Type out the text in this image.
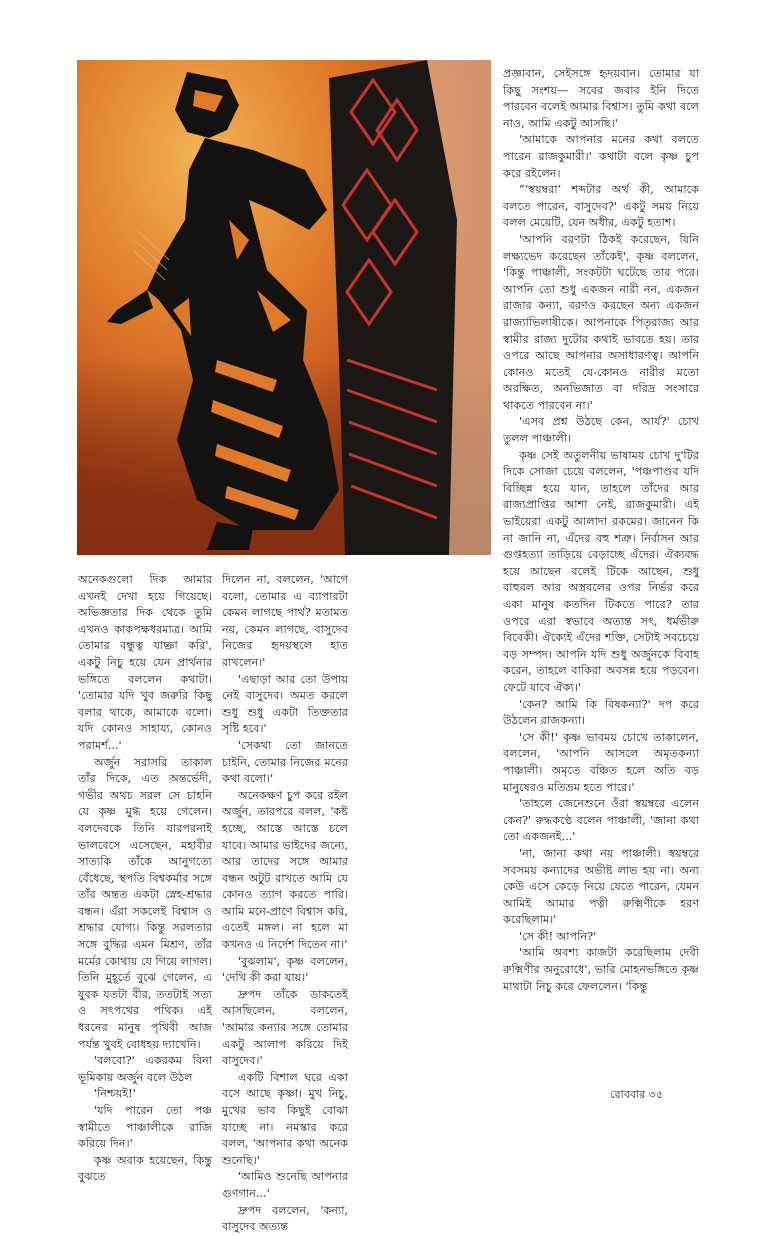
অনেকগুলো দিক আমার এখনই দেখা হয়ে গিয়েছে। অভিজ্ঞতার দিক থেকে তুমি এখনও কাকপক্ষধরমাত্র। আমি তোমার বন্ধুত্ব যাচ্ঞা করি', একটু নিচু হয়ে যেন প্রার্থনার ভঙ্গিতে বললেন কথাটা। 'তোমার যদি খুব জরুরি কিছু বলার থাকে, আমাকে বলো। যদি কোনও সাহায্য, কোনও পরামর্শ...'

অর্জুন সরাসরি তাকাল তাঁর দিকে, এত অন্তর্ভেদী, গভীর অথচ সরল সে চাহনি যে কৃষ্ণ মুগ্ধ হয়ে গেলেন। বলদেবকে তিনি যারপরনাই ভালবেসে এসেছেন, মহাবীর সাত্যকি তাঁকে আনুগত্যে বেঁধেছে, স্থপতি বিশ্বকর্মার সঙ্গে তাঁর অন্তত একটা স্নেহ-শ্রদ্ধার বন্ধন। এঁরা সকলেই বিশ্বাস ও শ্রদ্ধার যোগ্য। কিন্তু সরলতার সঙ্গে বুদ্ধির এমন মিশ্রণ, তাঁর মর্মের কোথায় যে গিয়ে লাগল। তিনি মুহূর্তে বুঝে গেলেন, এ যুবক যতটা বীর, ততটাই সত্য ও সৎপথের পথিক। এই ধরনের মানুষ পৃথিবী আজ পর্যন্ত খুবই বোধহয় দ্যাখেনি।

'বলবো?' একরকম বিনা ভূমিকায় অর্জুন বলে উঠল

'নিশ্চয়ই!'

'যদি পারেন তো পঞ্চ স্বামীতে পাঞ্চালীকে রাজি করিয়ে দিন।'

কৃষ্ণ অবাক হয়েছেন, কিন্তু বুঝতে

দিলেন না, বললেন, 'আগে বলো, তোমার এ ব্যাপারটা কেমন লাগছে পার্থ? মতামত নয়, কেমন লাগছে, বাসুদেব নিজের হৃদয়স্থলে হাত রাখলেন।'

'এছাড়া আর তো উপায় নেই বাসুদেব। অমত করলে শুধু শুধু একটা তিক্ততার সৃষ্টি হবে।'

'সেকথা তো জানতে চাইনি, তোমার নিজের মনের কথা বলো।'

অনেকক্ষণ চুপ করে রইল অর্জুন, তারপরে বলল, 'কষ্ট হচ্ছে, আস্তে আস্তে চলে যাবে। আমার ভাইদের জন্যে, আর তাদের সঙ্গে আমার বন্ধন অটুট রাখতে আমি যে কোনও ত্যাগ করতে পারি। আমি মনে-প্রাণে বিশ্বাস করি, এতেই মঙ্গল। না হলে মা কখনও এ নির্দেশ দিতেন না।'

'বুঝলাম', কৃষ্ণ বললেন, 'দেখি কী করা যায়।'

দ্রুপদ তাঁকে ডাকতেই আসছিলেন, বললেন, 'আমার কন্যার সঙ্গে তোমার একটু আলাপ করিয়ে দিই বাসুদেব।'

একটি বিশাল ঘরে একা বসে আছে কৃষ্ণা। মুখ নিচু, মুখের ভাব কিছুই বোঝা যাচ্ছে না। নমস্কার করে বলল, 'আপনার কথা অনেক শুনেছি।'

'আমিও শুনেছি আপনার গুণগান...'

দ্রুপদ বললেন, 'কন্যা, বাসুদেব অত্যন্ত

প্রজ্ঞাবান, সেইসঙ্গে হৃদয়বান। তোমার যা কিছু সংশয়— সবের জবাব ইনি দিতে পারবেন বলেই আমার বিশ্বাস। তুমি কথা বলে নাও, আমি একটু আসছি।'

'আমাকে আপনার মনের কথা বলতে পারেন রাজকুমারী।' কথাটা বলে কৃষ্ণ চুপ করে রইলেন।

“‘স্বয়ম্বরা’ শব্দটার অর্থ কী, আমাকে বলতে পারেন, বাসুদেব?' একটু সময় নিয়ে বলল মেয়েটি, যেন অধীর, একটু হতাশ।

'আপনি বরণটা ঠিকই করেছেন, যিনি লক্ষ্যভেদ করেছেন তাঁকেই', কৃষ্ণ বললেন, 'কিন্তু পাঞ্চালী, সংকটটা ঘটেছে তার পরে। আপনি তো শুধু একজন নারী নন, একজন রাজার কন্যা, বরণও করছেন অন্য একজন রাজ্যাভিলাষীকে। আপনাকে পিতৃরাজ্য আর স্বামীর রাজ্য দুটোর কথাই ভাবতে হয়। তার ওপরে আছে আপনার অসাধারণত্ব। আপনি কোনও মতেই যে-কোনও নারীর মতো অরক্ষিত, অনভিজাত বা দরিদ্র সংসারে থাকতে পারবেন না।'

'এসব প্রশ্ন উঠছে কেন, আর্য?' চোখ তুলল পাঞ্চালী।

কৃষ্ণ সেই অতুলনীয় ভাষাময় চোখ দু'টির দিকে সোজা চেয়ে বললেন, 'পঞ্চপাণ্ডব যদি বিচ্ছিন্ন হয়ে যান, তাহলে তাঁদের আর রাজ্যপ্রাপ্তির আশা নেই, রাজকুমারী। এই ভাইয়েরা একটু আলাদা রকমের। জানেন কি না জানি না, এঁদের বহু শত্রু। নির্বাসন আর গুপ্তহত্যা তাড়িয়ে বেড়াচ্ছে এঁদের। ঐক্যবদ্ধ হয়ে আছেন বলেই টিকে আছেন, শুধু বাহুবল আর অস্ত্রবলের ওপর নির্ভর করে একা মানুষ কতদিন টিকতে পারে? তার ওপরে এরা স্বভাবে অত্যন্ত সৎ, ধর্মভীরু বিবেকী। ঐক্যেই এঁদের শক্তি, সেটাই সবচেয়ে বড় সম্পদ। আপনি যদি শুধু অর্জুনকে বিবাহ করেন, তাহলে বাকিরা অবসন্ন হয়ে পড়বেন। ফেটে যাবে ঐক্য।'

'কেন? আমি কি বিষকন্যা?' দপ করে উঠলেন রাজকন্যা।

'সে কী!' কৃষ্ণ ভাবময় চোখে তাকালেন, বললেন, 'আপনি আসলে অমৃতকন্যা পাঞ্চালী। অমৃতে বঞ্চিত হলে অতি বড় মানুষেরও মতিভ্রম হতে পারে।'

'তাহলে জেনেশুনে ওঁরা স্বয়ম্বরে এলেন কেন?' রুদ্ধকণ্ঠে বলেন পাঞ্চালী, 'জানা কথা তো একজনই...'

'না, জানা কথা নয় পাঞ্চালী। স্বয়ম্বরে সবসময় কন্যাদের অভীষ্ট লাভ হয় না। অন্য কেউ এসে কেড়ে নিয়ে যেতে পারেন, যেমন আমিই আমার পত্নী রুক্মিণীকে হরণ করেছিলাম।'

'সে কী! আপনি?'

'আমি অবশ্য কাজটা করেছিলাম দেবী রুক্মিণীর অনুরোধে', ভারি মোহনভঙ্গিতে কৃষ্ণ মাথাটা নিচু করে ফেললেন। 'কিন্তু

রোববার ৩৫
